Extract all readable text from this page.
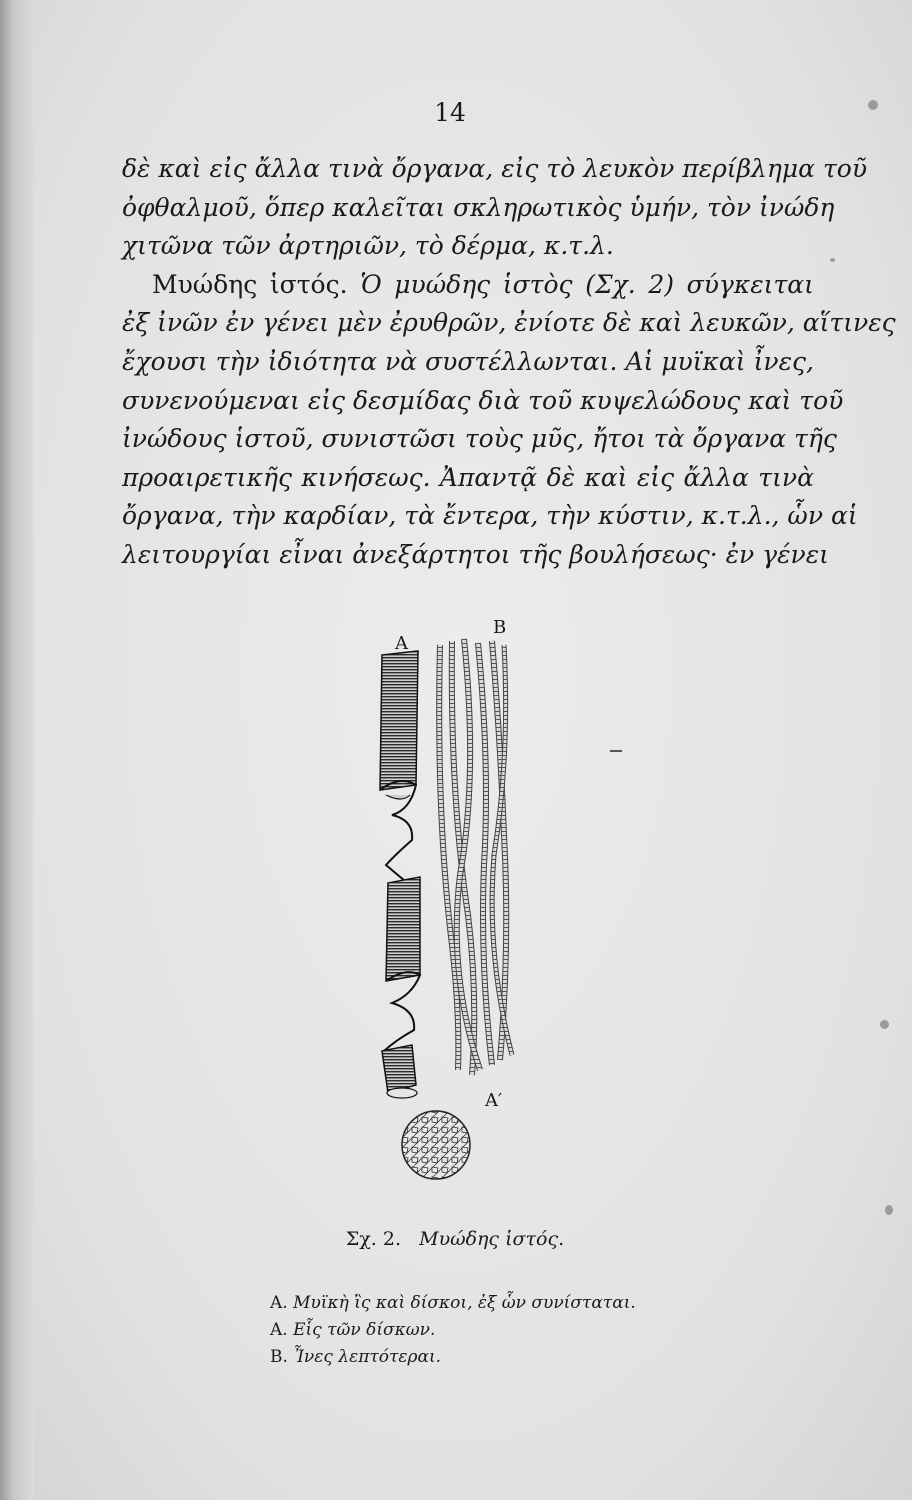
14
δὲ καὶ εἰς ἄλλα τινὰ ὄργανα, εἰς τὸ λευκὸν περίβλημα τοῦ
ὀφθαλμοῦ, ὅπερ καλεῖται σκληρωτικὸς ὑμήν, τὸν ἰνώδη
χιτῶνα τῶν ἀρτηριῶν, τὸ δέρμα, κ.τ.λ.
Μυώδης ἱστός. Ὁ μυώδης ἱστὸς (Σχ. 2) σύγκειται
ἐξ ἰνῶν ἐν γένει μὲν ἐρυθρῶν, ἐνίοτε δὲ καὶ λευκῶν, αἵτινες
ἔχουσι τὴν ἰδιότητα νὰ συστέλλωνται. Αἱ μυϊκαὶ ἶνες,
συνενούμεναι εἰς δεσμίδας διὰ τοῦ κυψελώδους καὶ τοῦ
ἰνώδους ἱστοῦ, συνιστῶσι τοὺς μῦς, ἤτοι τὰ ὄργανα τῆς
προαιρετικῆς κινήσεως. Ἀπαντᾷ δὲ καὶ εἰς ἄλλα τινὰ
ὄργανα, τὴν καρδίαν, τὰ ἔντερα, τὴν κύστιν, κ.τ.λ., ὧν αἱ
λειτουργίαι εἶναι ἀνεξάρτητοι τῆς βουλήσεως· ἐν γένει
A
B
A′
Σχ. 2. Μυώδης ἱστός.
A. Μυϊκὴ ἲς καὶ δίσκοι, ἐξ ὧν συνίσταται.
A. Εἷς τῶν δίσκων.
B. Ἶνες λεπτότεραι.
